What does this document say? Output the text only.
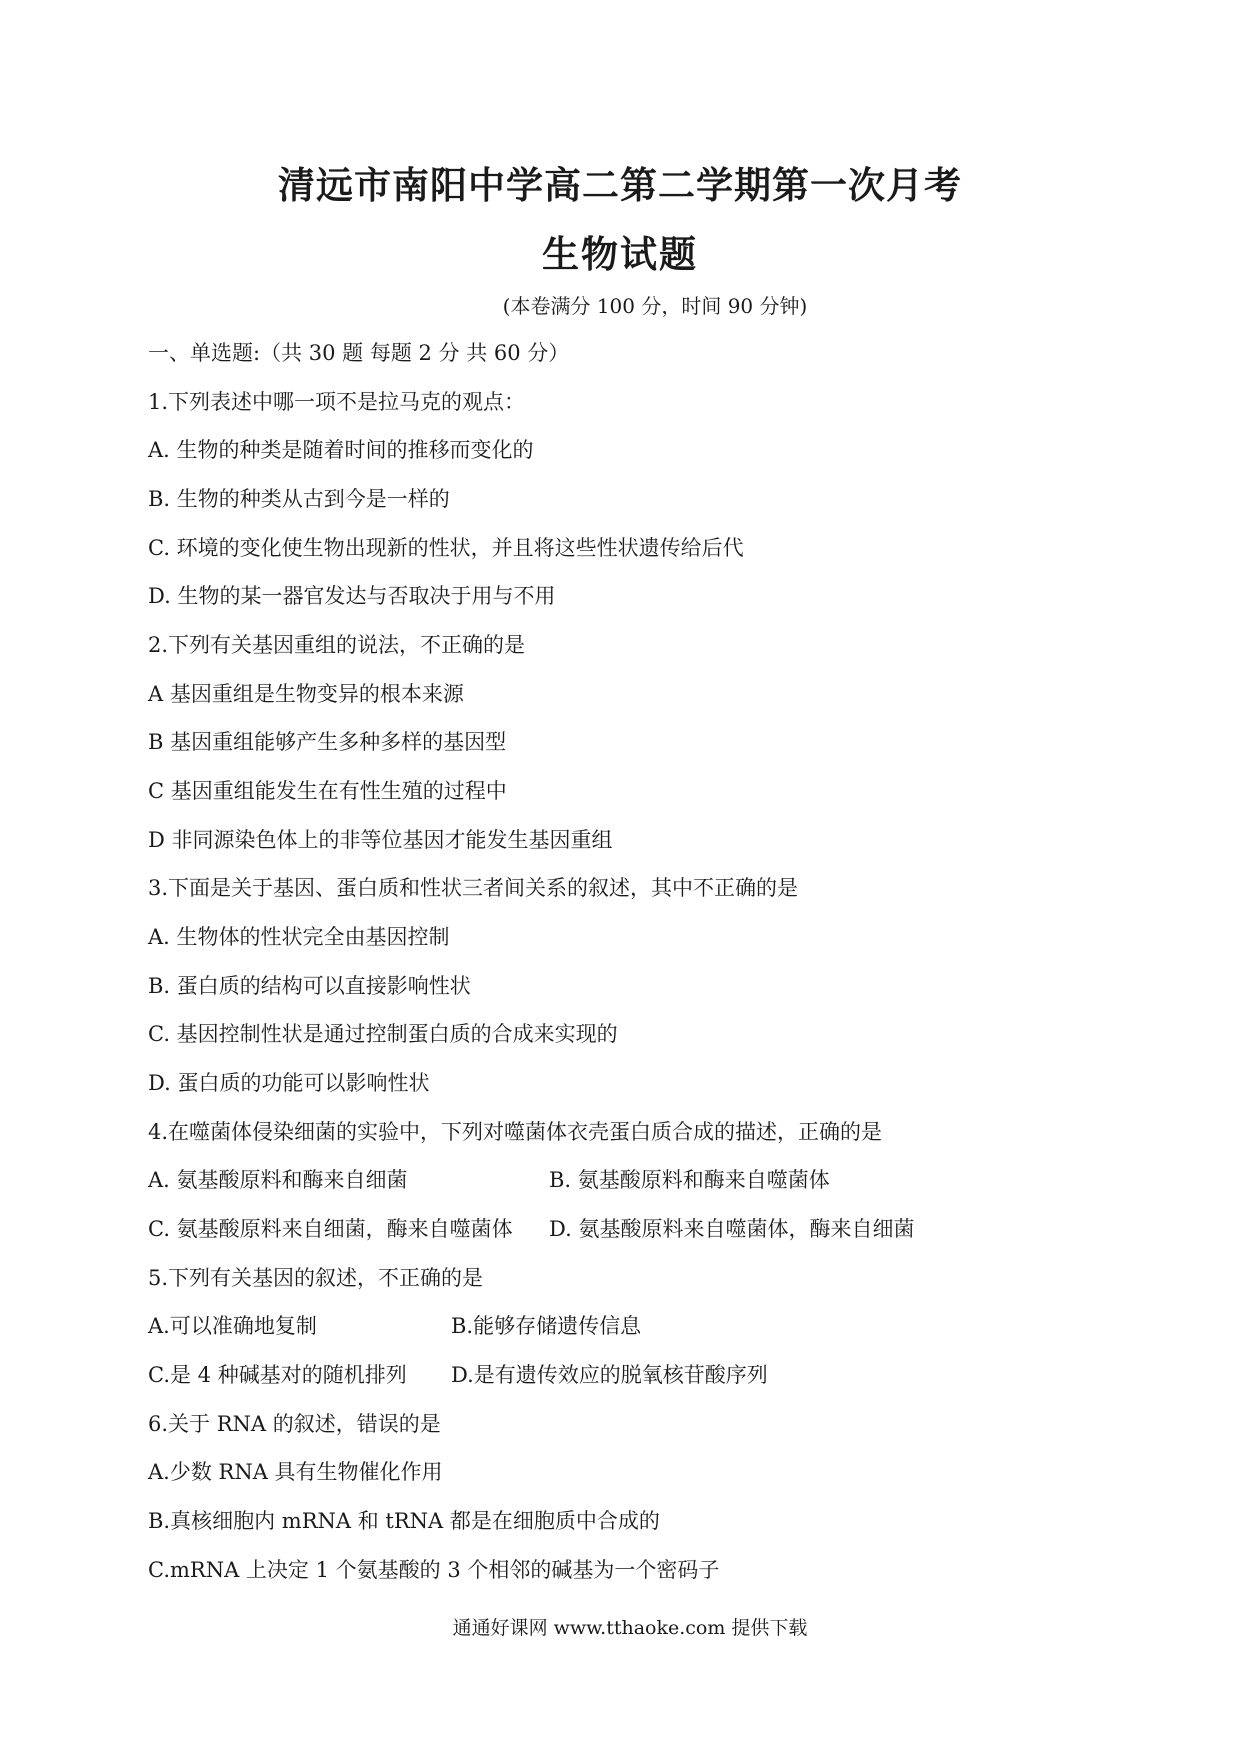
清远市南阳中学高二第二学期第一次月考
生物试题
(本卷满分 100 分，时间 90 分钟)
一、单选题:（共 30 题 每题 2 分 共 60 分）
1.下列表述中哪一项不是拉马克的观点：
A. 生物的种类是随着时间的推移而变化的
B. 生物的种类从古到今是一样的
C. 环境的变化使生物出现新的性状，并且将这些性状遗传给后代
D. 生物的某一器官发达与否取决于用与不用
2.下列有关基因重组的说法，不正确的是
A 基因重组是生物变异的根本来源
B 基因重组能够产生多种多样的基因型
C 基因重组能发生在有性生殖的过程中
D 非同源染色体上的非等位基因才能发生基因重组
3.下面是关于基因、蛋白质和性状三者间关系的叙述，其中不正确的是
A. 生物体的性状完全由基因控制
B. 蛋白质的结构可以直接影响性状
C. 基因控制性状是通过控制蛋白质的合成来实现的
D. 蛋白质的功能可以影响性状
4.在噬菌体侵染细菌的实验中，下列对噬菌体衣壳蛋白质合成的描述，正确的是
A. 氨基酸原料和酶来自细菌	B. 氨基酸原料和酶来自噬菌体
C. 氨基酸原料来自细菌，酶来自噬菌体 D. 氨基酸原料来自噬菌体，酶来自细菌
5.下列有关基因的叙述，不正确的是
A.可以准确地复制	B.能够存储遗传信息
C.是 4 种碱基对的随机排列 D.是有遗传效应的脱氧核苷酸序列
6.关于 RNA 的叙述，错误的是
A.少数 RNA 具有生物催化作用
B.真核细胞内 mRNA 和 tRNA 都是在细胞质中合成的
C.mRNA 上决定 1 个氨基酸的 3 个相邻的碱基为一个密码子
通通好课网 www.tthaoke.com 提供下载
